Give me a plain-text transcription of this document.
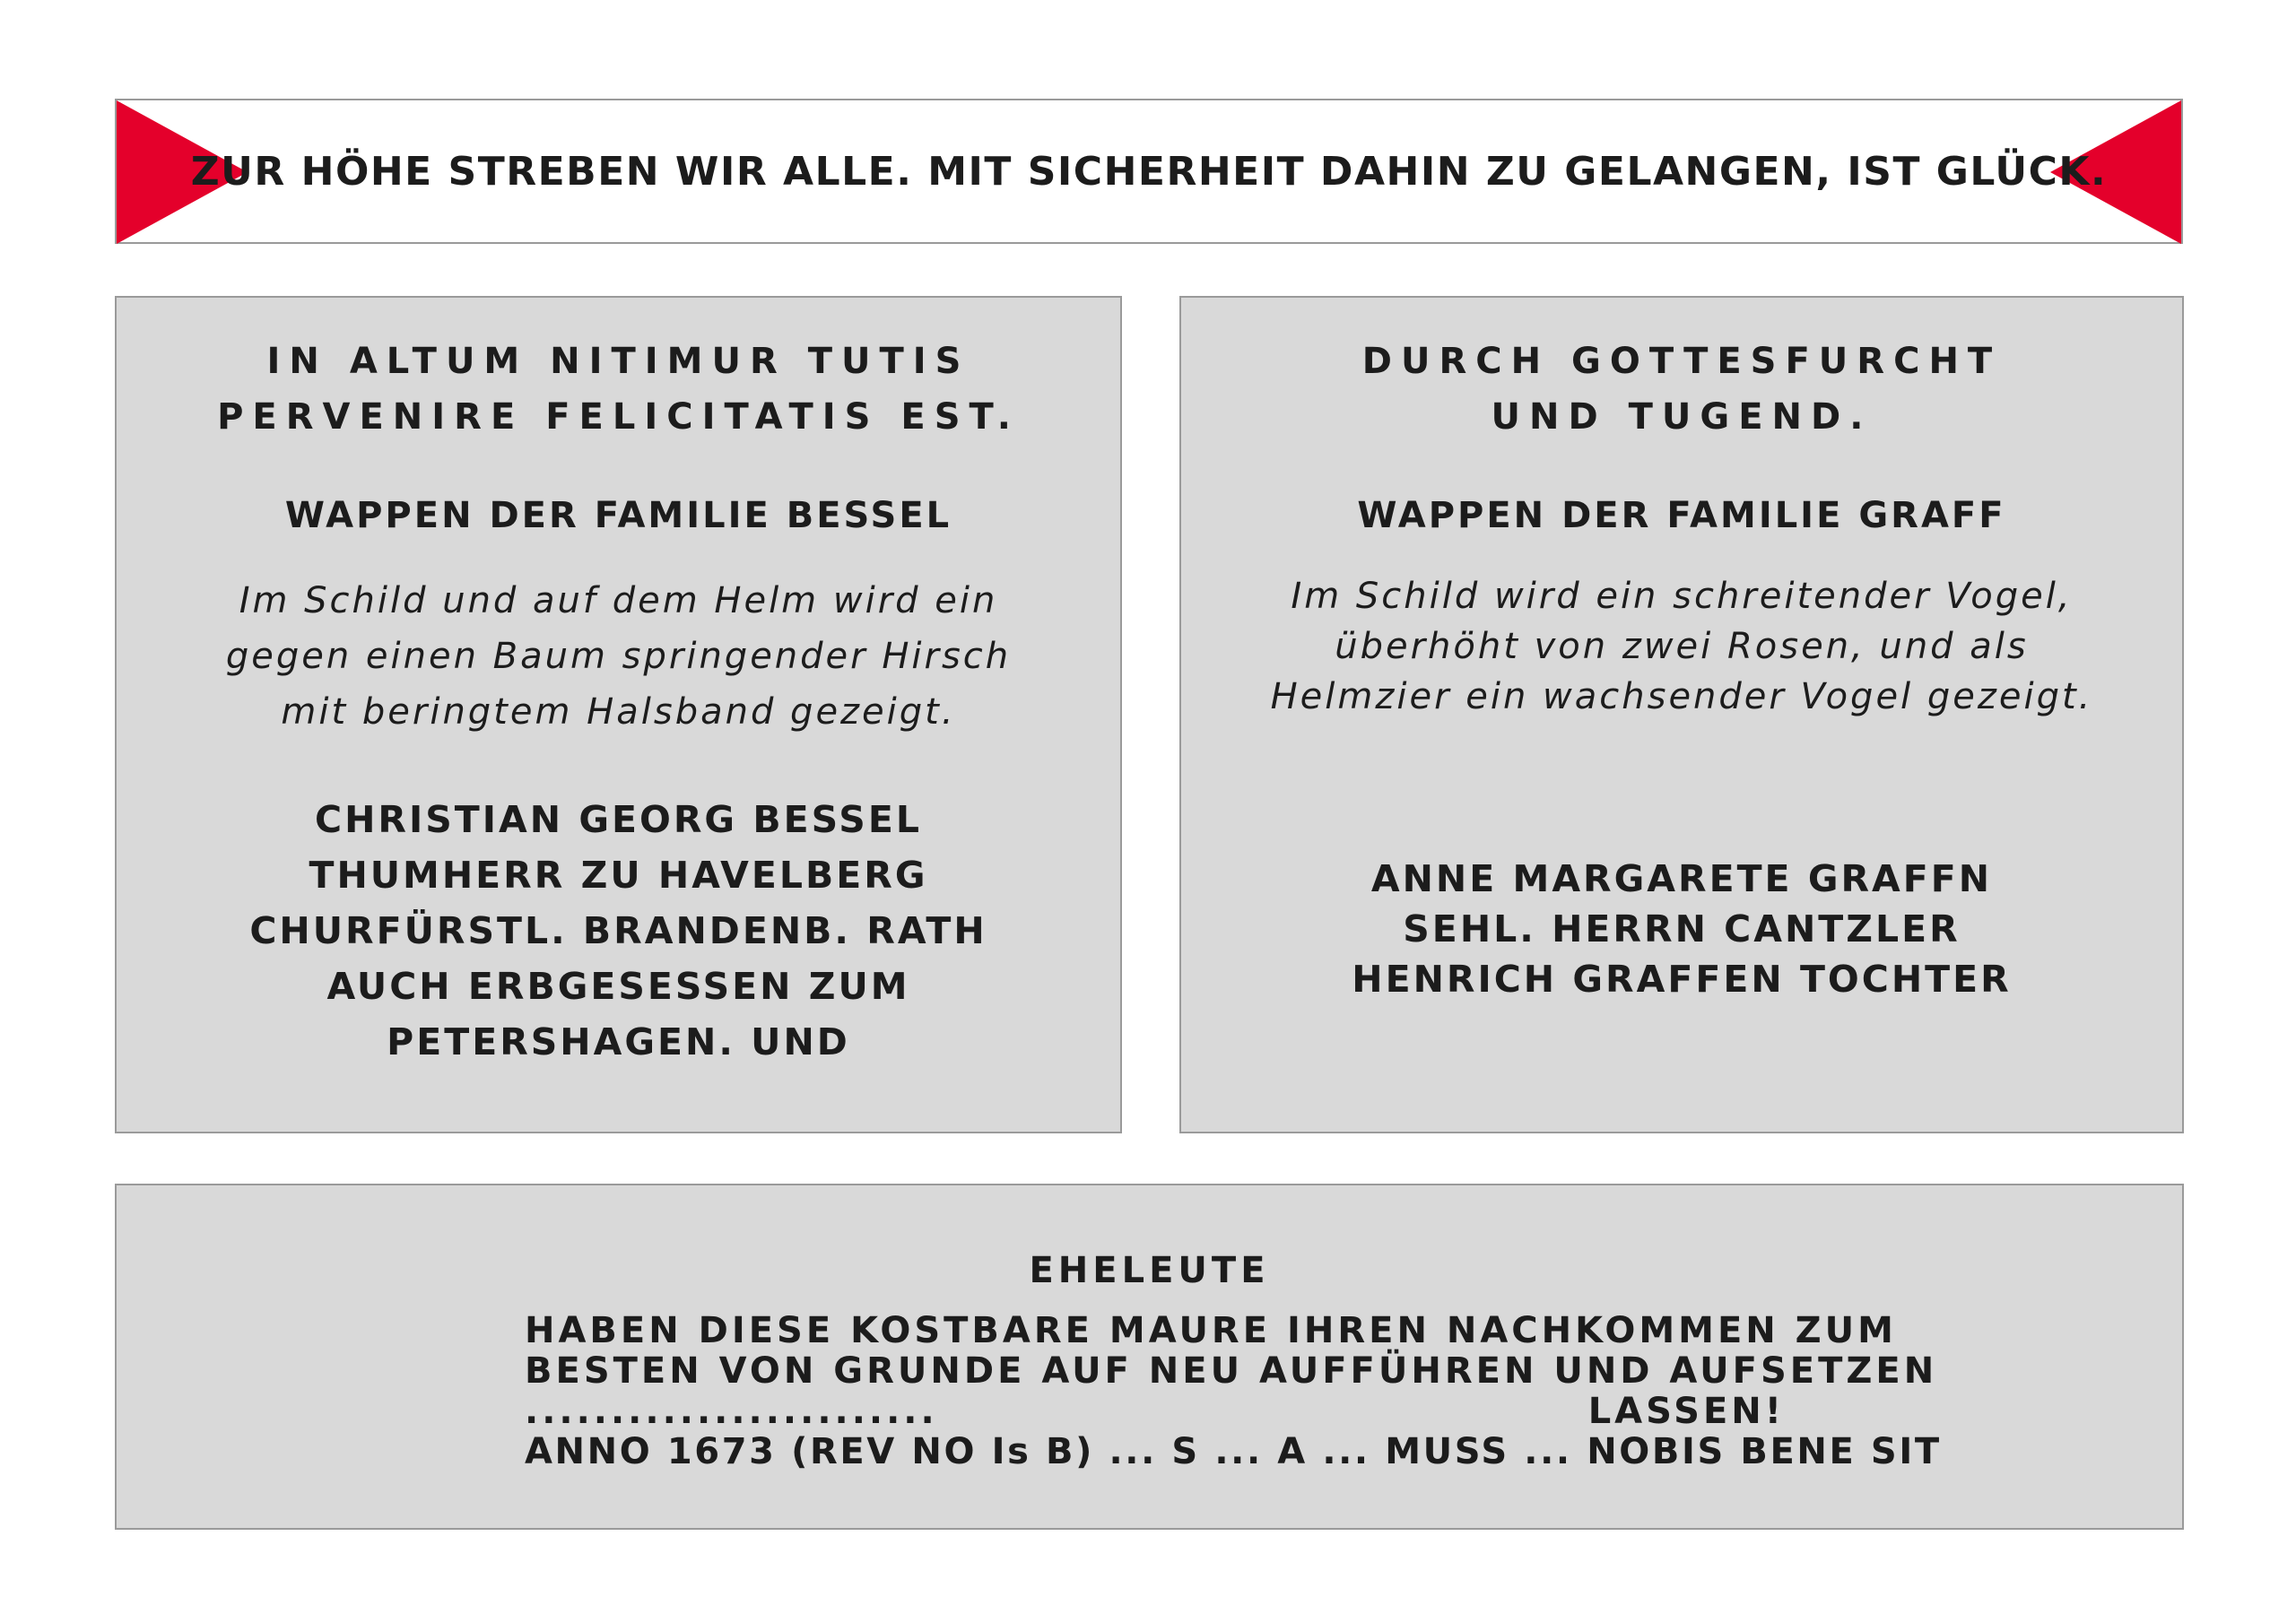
ZUR HÖHE STREBEN WIR ALLE. MIT SICHERHEIT DAHIN ZU GELANGEN, IST GLÜCK.
IN ALTUM NITIMUR TUTIS
PERVENIRE FELICITATIS EST.
WAPPEN DER FAMILIE BESSEL
Im Schild und auf dem Helm wird ein
gegen einen Baum springender Hirsch
mit beringtem Halsband gezeigt.
CHRISTIAN GEORG BESSEL
THUMHERR ZU HAVELBERG
CHURFÜRSTL. BRANDENB. RATH
AUCH ERBGESESSEN ZUM
PETERSHAGEN. UND
DURCH GOTTESFURCHT
UND TUGEND.
WAPPEN DER FAMILIE GRAFF
Im Schild wird ein schreitender Vogel,
überhöht von zwei Rosen, und als
Helmzier ein wachsender Vogel gezeigt.
ANNE MARGARETE GRAFFN
SEHL. HERRN CANTZLER
HENRICH GRAFFEN TOCHTER
EHELEUTE
HABEN DIESE KOSTBARE MAURE IHREN NACHKOMMEN ZUM
BESTEN VON GRUNDE AUF NEU AUFFÜHREN UND AUFSETZEN
........................	LASSEN!
ANNO 1673 (REV NO Is B) ... S ... A ... MUSS ... NOBIS BENE SIT
